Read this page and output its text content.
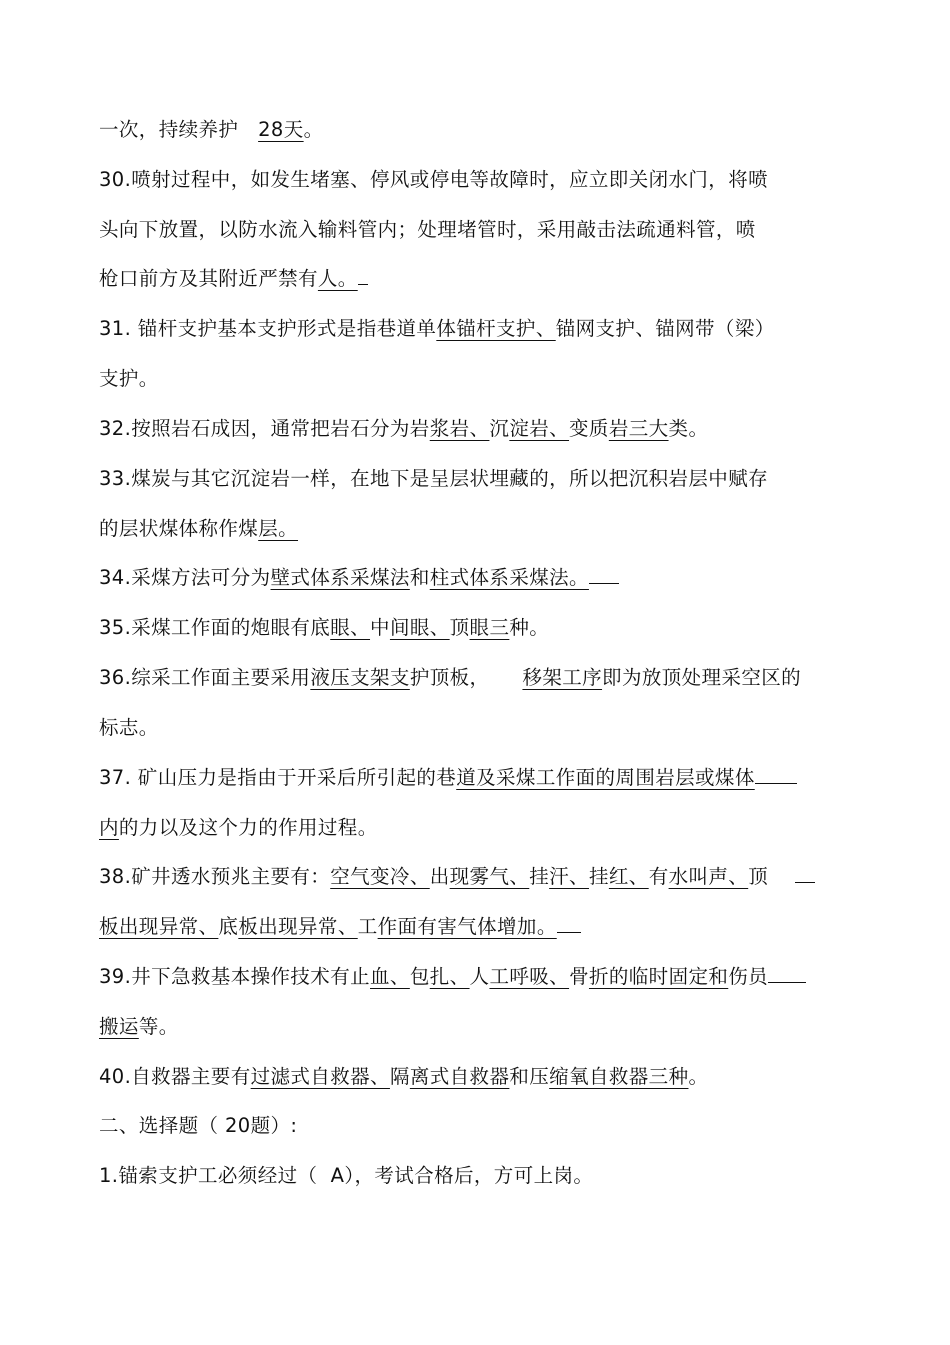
一次，持续养护 28天。
30.喷射过程中，如发生堵塞、停风或停电等故障时，应立即关闭水门，将喷
头向下放置，以防水流入输料管内；处理堵管时，采用敲击法疏通料管，喷
枪口前方及其附近严禁有人。
31. 锚杆支护基本支护形式是指巷道单体锚杆支护、锚网支护、锚网带（梁）
支护。
32.按照岩石成因，通常把岩石分为岩浆岩、沉淀岩、变质岩三大类。
33.煤炭与其它沉淀岩一样，在地下是呈层状埋藏的，所以把沉积岩层中赋存
的层状煤体称作煤层。
34.采煤方法可分为壁式体系采煤法和柱式体系采煤法。
35.采煤工作面的炮眼有底眼、中间眼、顶眼三种。
36.综采工作面主要采用液压支架支护顶板， 移架工序即为放顶处理采空区的
标志。
37. 矿山压力是指由于开采后所引起的巷道及采煤工作面的周围岩层或煤体
内的力以及这个力的作用过程。
38.矿井透水预兆主要有：空气变冷、出现雾气、挂汗、挂红、有水叫声、顶
板出现异常、底板出现异常、工作面有害气体增加。
39.井下急救基本操作技术有止血、包扎、人工呼吸、骨折的临时固定和伤员
搬运等。
40.自救器主要有过滤式自救器、隔离式自救器和压缩氧自救器三种。
二、选择题（ 20题）:
1.锚索支护工必须经过（ A），考试合格后，方可上岗。
